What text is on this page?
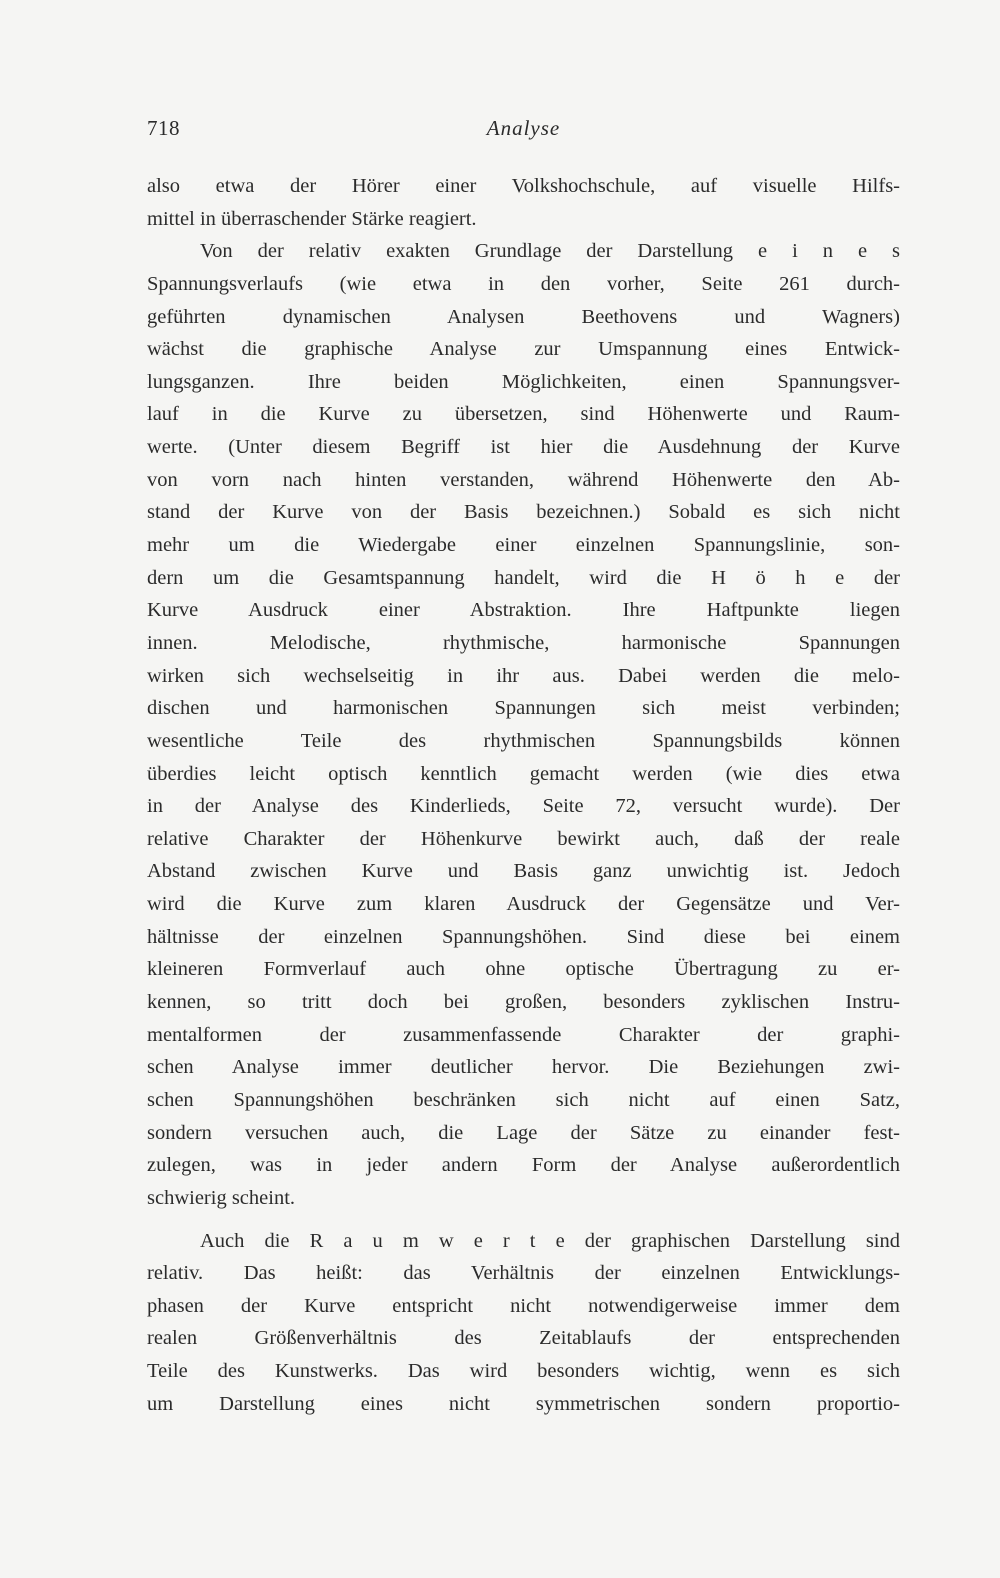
718	Analyse
also etwa der Hörer einer Volkshochschule, auf visuelle Hilfs-
mittel in überraschender Stärke reagiert.
Von der relativ exakten Grundlage der Darstellung e i n e s
Spannungsverlaufs (wie etwa in den vorher, Seite 261 durch-
geführten dynamischen Analysen Beethovens und Wagners)
wächst die graphische Analyse zur Umspannung eines Entwick-
lungsganzen. Ihre beiden Möglichkeiten, einen Spannungsver-
lauf in die Kurve zu übersetzen, sind Höhenwerte und Raum-
werte. (Unter diesem Begriff ist hier die Ausdehnung der Kurve
von vorn nach hinten verstanden, während Höhenwerte den Ab-
stand der Kurve von der Basis bezeichnen.) Sobald es sich nicht
mehr um die Wiedergabe einer einzelnen Spannungslinie, son-
dern um die Gesamtspannung handelt, wird die H ö h e der
Kurve Ausdruck einer Abstraktion. Ihre Haftpunkte liegen
innen. Melodische, rhythmische, harmonische Spannungen
wirken sich wechselseitig in ihr aus. Dabei werden die melo-
dischen und harmonischen Spannungen sich meist verbinden;
wesentliche Teile des rhythmischen Spannungsbilds können
überdies leicht optisch kenntlich gemacht werden (wie dies etwa
in der Analyse des Kinderlieds, Seite 72, versucht wurde). Der
relative Charakter der Höhenkurve bewirkt auch, daß der reale
Abstand zwischen Kurve und Basis ganz unwichtig ist. Jedoch
wird die Kurve zum klaren Ausdruck der Gegensätze und Ver-
hältnisse der einzelnen Spannungshöhen. Sind diese bei einem
kleineren Formverlauf auch ohne optische Übertragung zu er-
kennen, so tritt doch bei großen, besonders zyklischen Instru-
mentalformen der zusammenfassende Charakter der graphi-
schen Analyse immer deutlicher hervor. Die Beziehungen zwi-
schen Spannungshöhen beschränken sich nicht auf einen Satz,
sondern versuchen auch, die Lage der Sätze zu einander fest-
zulegen, was in jeder andern Form der Analyse außerordentlich
schwierig scheint.
Auch die R a u m w e r t e der graphischen Darstellung sind
relativ. Das heißt: das Verhältnis der einzelnen Entwicklungs-
phasen der Kurve entspricht nicht notwendigerweise immer dem
realen Größenverhältnis des Zeitablaufs der entsprechenden
Teile des Kunstwerks. Das wird besonders wichtig, wenn es sich
um Darstellung eines nicht symmetrischen sondern proportio-
